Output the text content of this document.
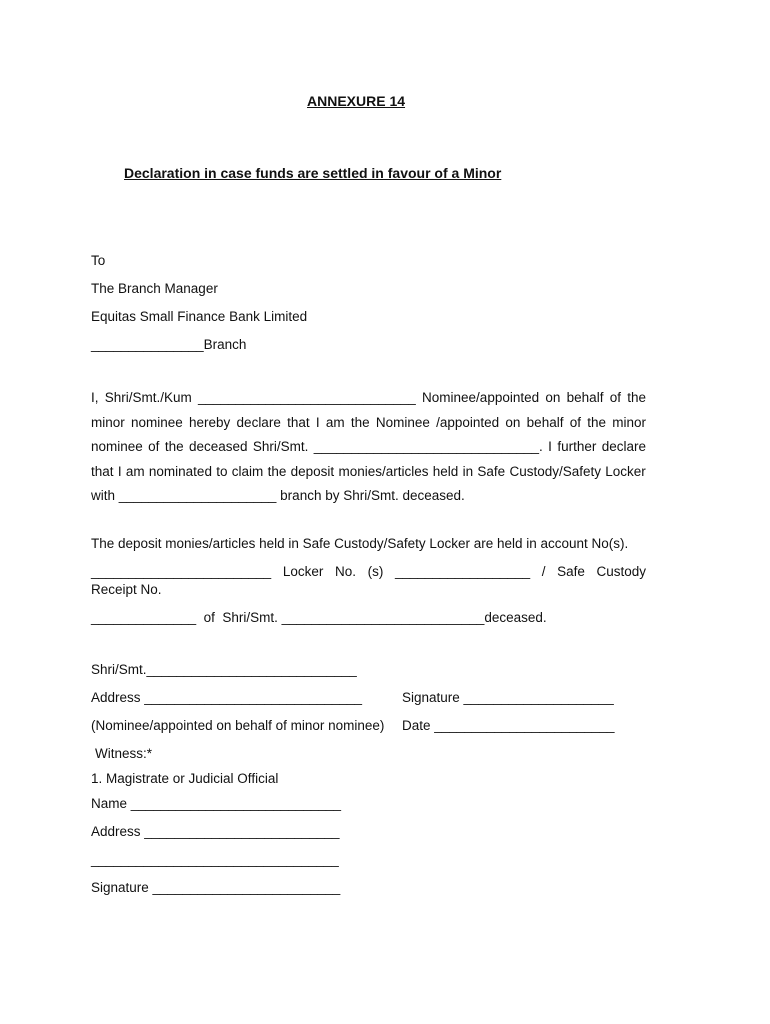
ANNEXURE 14
Declaration in case funds are settled in favour of a Minor
To
The Branch Manager
Equitas Small Finance Bank Limited
_______________Branch
I, Shri/Smt./Kum _____________________________ Nominee/appointed on behalf of the
minor nominee hereby declare that I am the Nominee /appointed on behalf of the minor
nominee of the deceased Shri/Smt. ______________________________. I further declare
that I am nominated to claim the deposit monies/articles held in Safe Custody/Safety Locker
with _____________________ branch by Shri/Smt. deceased.
The deposit monies/articles held in Safe Custody/Safety Locker are held in account No(s).
________________________ Locker No. (s) __________________ / Safe Custody
Receipt No.
______________  of  Shri/Smt. ___________________________deceased.
Shri/Smt.____________________________
Address _____________________________	Signature ____________________
(Nominee/appointed on behalf of minor nominee) Date ________________________
Witness:*
1. Magistrate or Judicial Official
Name ____________________________
Address __________________________
_________________________________
Signature _________________________
